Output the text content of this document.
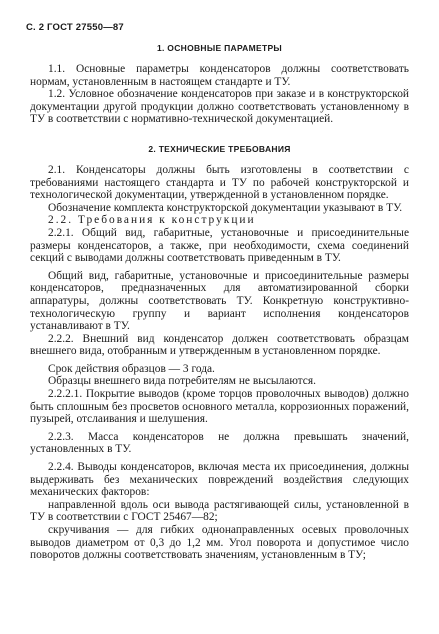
С. 2 ГОСТ 27550—87
1. ОСНОВНЫЕ ПАРАМЕТРЫ

1.1. Основные параметры конденсаторов должны соответствовать нормам, установленным в настоящем стандарте и ТУ.

1.2. Условное обозначение конденсаторов при заказе и в конструкторской документации другой продукции должно соответствовать установленному в ТУ в соответствии с нормативно-технической документацией.

2. ТЕХНИЧЕСКИЕ ТРЕБОВАНИЯ

2.1. Конденсаторы должны быть изготовлены в соответствии с требованиями настоящего стандарта и ТУ по рабочей конструкторской и технологической документации, утвержденной в установленном порядке.

Обозначение комплекта конструкторской документации указывают в ТУ.

2.2. Требования к конструкции

2.2.1. Общий вид, габаритные, установочные и присоединительные размеры конденсаторов, а также, при необходимости, схема соединений секций с выводами должны соответствовать приведенным в ТУ.

Общий вид, габаритные, установочные и присоединительные размеры конденсаторов, предназначенных для автоматизированной сборки аппаратуры, должны соответствовать ТУ. Конкретную конструктивно-технологическую группу и вариант исполнения конденсаторов устанавливают в ТУ.

2.2.2. Внешний вид конденсатор должен соответствовать образцам внешнего вида, отобранным и утвержденным в установленном порядке.

Срок действия образцов — 3 года.

Образцы внешнего вида потребителям не высылаются.

2.2.2.1. Покрытие выводов (кроме торцов проволочных выводов) должно быть сплошным без просветов основного металла, коррозионных поражений, пузырей, отслаивания и шелушения.

2.2.3. Масса конденсаторов не должна превышать значений, установленных в ТУ.

2.2.4. Выводы конденсаторов, включая места их присоединения, должны выдерживать без механических повреждений воздействия следующих механических факторов:

направленной вдоль оси вывода растягивающей силы, установленной в ТУ в соответствии с ГОСТ 25467—82;

скручивания — для гибких однонаправленных осевых проволочных выводов диаметром от 0,3 до 1,2 мм. Угол поворота и допустимое число поворотов должны соответствовать значениям, установленным в ТУ;
